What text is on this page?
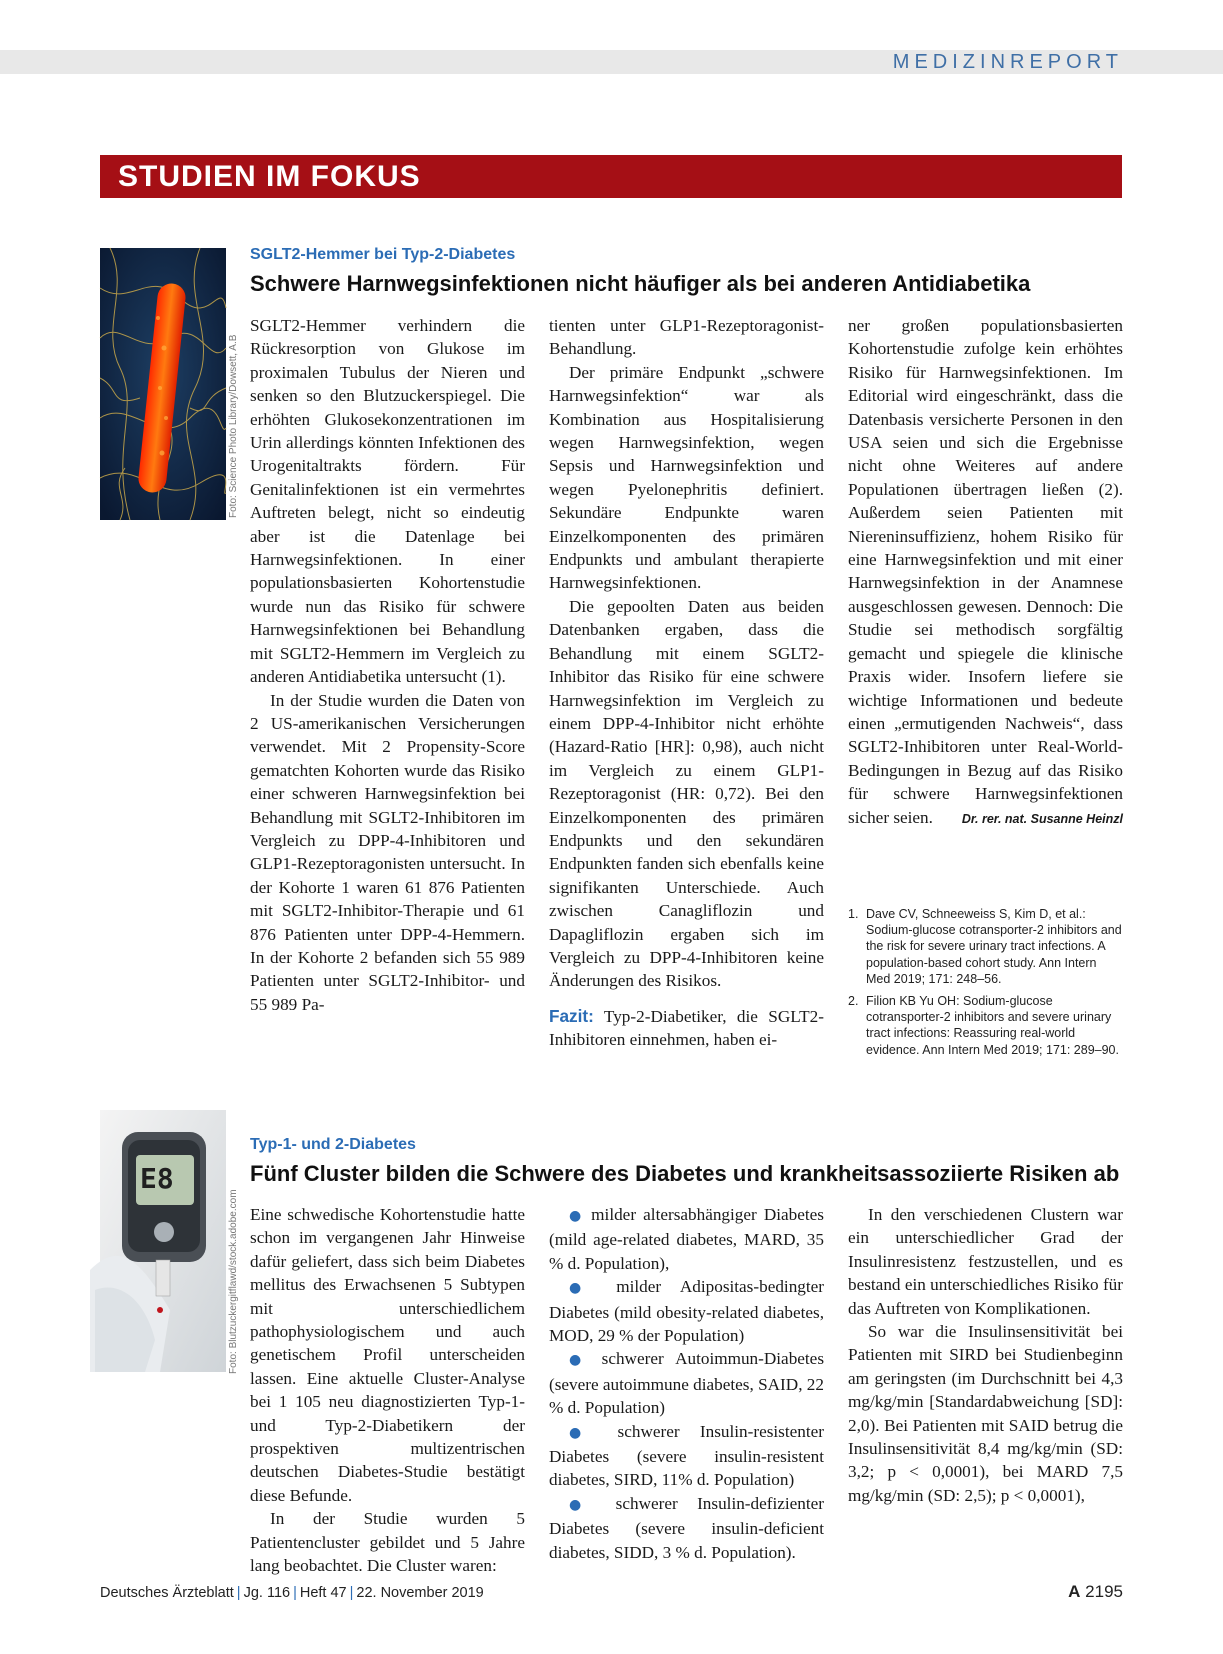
MEDIZINREPORT
STUDIEN IM FOKUS
Foto: Science Photo Library/Dowsett, A.B
SGLT2-Hemmer bei Typ-2-Diabetes
Schwere Harnwegsinfektionen nicht häufiger als bei anderen Antidiabetika

SGLT2-Hemmer verhindern die Rückresorption von Glukose im proximalen Tubulus der Nieren und senken so den Blutzuckerspiegel. Die erhöhten Glukosekonzentrationen im Urin allerdings könnten Infektionen des Urogenitaltrakts fördern. Für Genitalinfektionen ist ein vermehrtes Auftreten belegt, nicht so eindeutig aber ist die Datenlage bei Harnwegsinfektionen. In einer populationsbasierten Kohortenstudie wurde nun das Risiko für schwere Harnwegsinfektionen bei Behandlung mit SGLT2-Hemmern im Vergleich zu anderen Antidiabetika untersucht (1).

In der Studie wurden die Daten von 2 US-amerikanischen Versicherungen verwendet. Mit 2 Propensity-Score gematchten Kohorten wurde das Risiko einer schweren Harnwegsinfektion bei Behandlung mit SGLT2-Inhibitoren im Vergleich zu DPP-4-Inhibitoren und GLP1-Rezeptoragonisten untersucht. In der Kohorte 1 waren 61 876 Patienten mit SGLT2-Inhibitor-Therapie und 61 876 Patienten unter DPP-4-Hemmern. In der Kohorte 2 befanden sich 55 989 Patienten unter SGLT2-Inhibitor- und 55 989 Pa-

tienten unter GLP1-Rezeptoragonist-Behandlung.

Der primäre Endpunkt „schwere Harnwegsinfektion“ war als Kombination aus Hospitalisierung wegen Harnwegsinfektion, wegen Sepsis und Harnwegsinfektion und wegen Pyelonephritis definiert. Sekundäre Endpunkte waren Einzelkomponenten des primären Endpunkts und ambulant therapierte Harnwegsinfektionen.

Die gepoolten Daten aus beiden Datenbanken ergaben, dass die Behandlung mit einem SGLT2-Inhibitor das Risiko für eine schwere Harnwegsinfektion im Vergleich zu einem DPP-4-Inhibitor nicht erhöhte (Hazard-Ratio [HR]: 0,98), auch nicht im Vergleich zu einem GLP1-Rezeptoragonist (HR: 0,72). Bei den Einzelkomponenten des primären Endpunkts und den sekundären Endpunkten fanden sich ebenfalls keine signifikanten Unterschiede. Auch zwischen Canagliflozin und Dapagliflozin ergaben sich im Vergleich zu DPP-4-Inhibitoren keine Änderungen des Risikos.

Fazit: Typ-2-Diabetiker, die SGLT2-Inhibitoren einnehmen, haben ei-

ner großen populationsbasierten Kohortenstudie zufolge kein erhöhtes Risiko für Harnwegsinfektionen. Im Editorial wird eingeschränkt, dass die Datenbasis versicherte Personen in den USA seien und sich die Ergebnisse nicht ohne Weiteres auf andere Populationen übertragen ließen (2). Außerdem seien Patienten mit Niereninsuffizienz, hohem Risiko für eine Harnwegsinfektion und mit einer Harnwegsinfektion in der Anamnese ausgeschlossen gewesen. Dennoch: Die Studie sei methodisch sorgfältig gemacht und spiegele die klinische Praxis wider. Insofern liefere sie wichtige Informationen und bedeute einen „ermutigenden Nachweis“, dass SGLT2-Inhibitoren unter Real-World-Bedingungen in Bezug auf das Risiko für schwere Harnwegsinfektionen sicher seien. Dr. rer. nat. Susanne Heinzl

1. Dave CV, Schneeweiss S, Kim D, et al.: Sodium-glucose cotransporter-2 inhibitors and the risk for severe urinary tract infections. A population-based cohort study. Ann Intern Med 2019; 171: 248–56.
2. Filion KB Yu OH: Sodium-glucose cotransporter-2 inhibitors and severe urinary tract infections: Reassuring real-world evidence. Ann Intern Med 2019; 171: 289–90.
E8
Foto: Blutzuckergitflawd/stock.adobe.com
Typ-1- und 2-Diabetes
Fünf Cluster bilden die Schwere des Diabetes und krankheitsassoziierte Risiken ab

Eine schwedische Kohortenstudie hatte schon im vergangenen Jahr Hinweise dafür geliefert, dass sich beim Diabetes mellitus des Erwachsenen 5 Subtypen mit unterschiedlichem pathophysiologischem und auch genetischem Profil unterscheiden lassen. Eine aktuelle Cluster-Analyse bei 1 105 neu diagnostizierten Typ-1- und Typ-2-Diabetikern der prospektiven multizentrischen deutschen Diabetes-Studie bestätigt diese Befunde.

In der Studie wurden 5 Patientencluster gebildet und 5 Jahre lang beobachtet. Die Cluster waren:

● milder altersabhängiger Diabetes (mild age-related diabetes, MARD, 35 % d. Population),

● milder Adipositas-bedingter Diabetes (mild obesity-related diabetes, MOD, 29 % der Population)

● schwerer Autoimmun-Diabetes (severe autoimmune diabetes, SAID, 22 % d. Population)

● schwerer Insulin-resistenter Diabetes (severe insulin-resistent diabetes, SIRD, 11% d. Population)

● schwerer Insulin-defizienter Diabetes (severe insulin-deficient diabetes, SIDD, 3 % d. Population).

In den verschiedenen Clustern war ein unterschiedlicher Grad der Insulinresistenz festzustellen, und es bestand ein unterschiedliches Risiko für das Auftreten von Komplikationen.

So war die Insulinsensitivität bei Patienten mit SIRD bei Studienbeginn am geringsten (im Durchschnitt bei 4,3 mg/kg/min [Standardabweichung [SD]: 2,0). Bei Patienten mit SAID betrug die Insulinsensitivität 8,4 mg/kg/min (SD: 3,2; p < 0,0001), bei MARD 7,5 mg/kg/min (SD: 2,5); p < 0,0001),

Deutsches Ärzteblatt | Jg. 116 | Heft 47 | 22. November 2019	A 2195
